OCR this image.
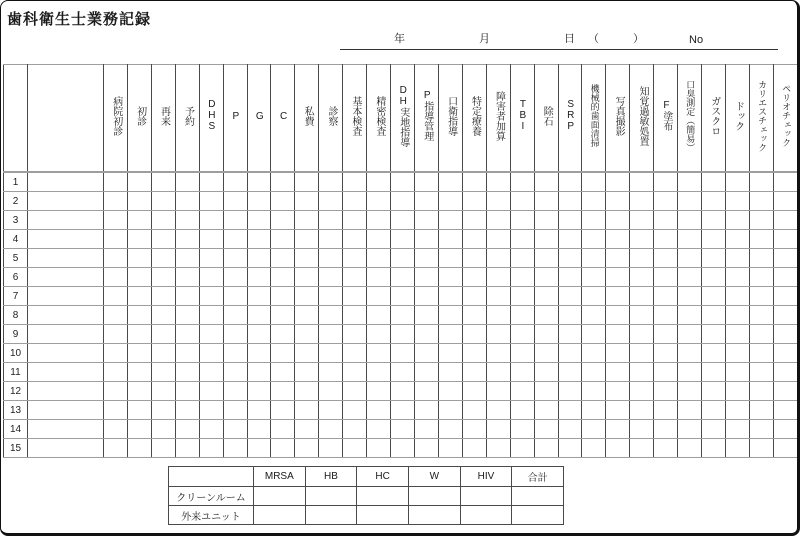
歯科衛生士業務記録
年	月	日 （	）	No
		病院初診	初診	再来	予約	DHS	P	G	C	私費	診察	基本検査	精密検査	DH実地指導	P指導管理	口衛指導	特定療養	障害者加算	TBI	除石	SRP	機械的歯面清掃	写真撮影	知覚過敏処置	F塗布	口臭測定（簡易）	ガスクロ	ドック	カリエスチェック	ペリオチェック
1																														
2																														
3																														
4																														
5																														
6																														
7																														
8																														
9																														
10																														
11																														
12																														
13																														
14																														
15																														
	MRSA	HB	HC	W	HIV	合計
クリーンルーム						
外来ユニット						
